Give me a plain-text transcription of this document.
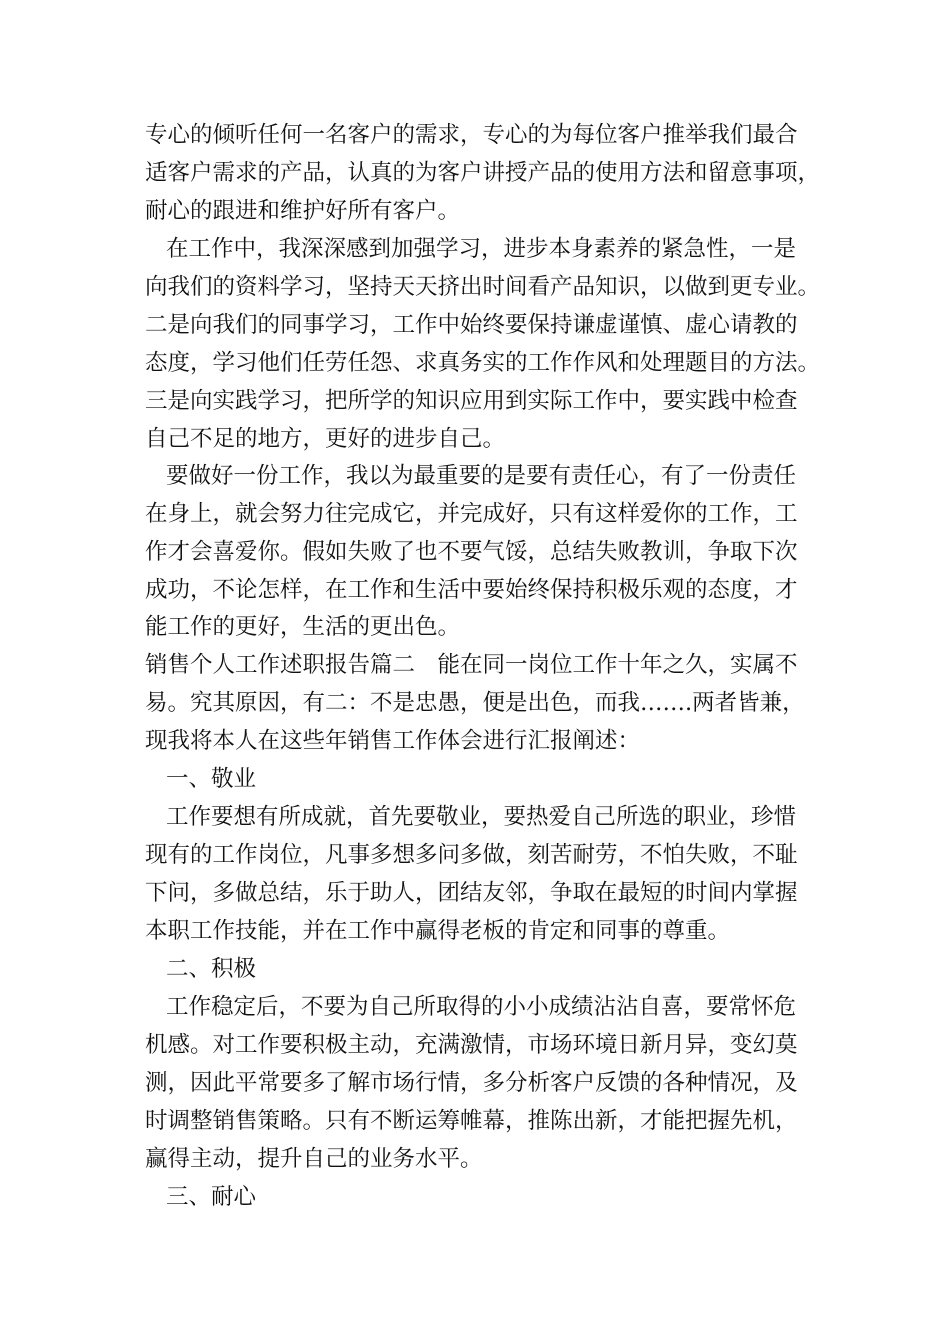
专心的倾听任何一名客户的需求，专心的为每位客户推举我们最合
适客户需求的产品，认真的为客户讲授产品的使用方法和留意事项，
耐心的跟进和维护好所有客户。
在工作中，我深深感到加强学习，进步本身素养的紧急性，一是
向我们的资料学习，坚持天天挤出时间看产品知识，以做到更专业。
二是向我们的同事学习，工作中始终要保持谦虚谨慎、虚心请教的
态度，学习他们任劳任怨、求真务实的工作作风和处理题目的方法。
三是向实践学习，把所学的知识应用到实际工作中，要实践中检查
自己不足的地方，更好的进步自己。
要做好一份工作，我以为最重要的是要有责任心，有了一份责任
在身上，就会努力往完成它，并完成好，只有这样爱你的工作，工
作才会喜爱你。假如失败了也不要气馁，总结失败教训，争取下次
成功，不论怎样，在工作和生活中要始终保持积极乐观的态度，才
能工作的更好，生活的更出色。
销售个人工作述职报告篇二　能在同一岗位工作十年之久，实属不
易。究其原因，有二：不是忠愚，便是出色，而我…….两者皆兼，
现我将本人在这些年销售工作体会进行汇报阐述：
一、敬业
工作要想有所成就，首先要敬业，要热爱自己所选的职业，珍惜
现有的工作岗位，凡事多想多问多做，刻苦耐劳，不怕失败，不耻
下问，多做总结，乐于助人，团结友邻，争取在最短的时间内掌握
本职工作技能，并在工作中赢得老板的肯定和同事的尊重。
二、积极
工作稳定后，不要为自己所取得的小小成绩沾沾自喜，要常怀危
机感。对工作要积极主动，充满激情，市场环境日新月异，变幻莫
测，因此平常要多了解市场行情，多分析客户反馈的各种情况，及
时调整销售策略。只有不断运筹帷幕，推陈出新，才能把握先机，
赢得主动，提升自己的业务水平。
三、耐心
